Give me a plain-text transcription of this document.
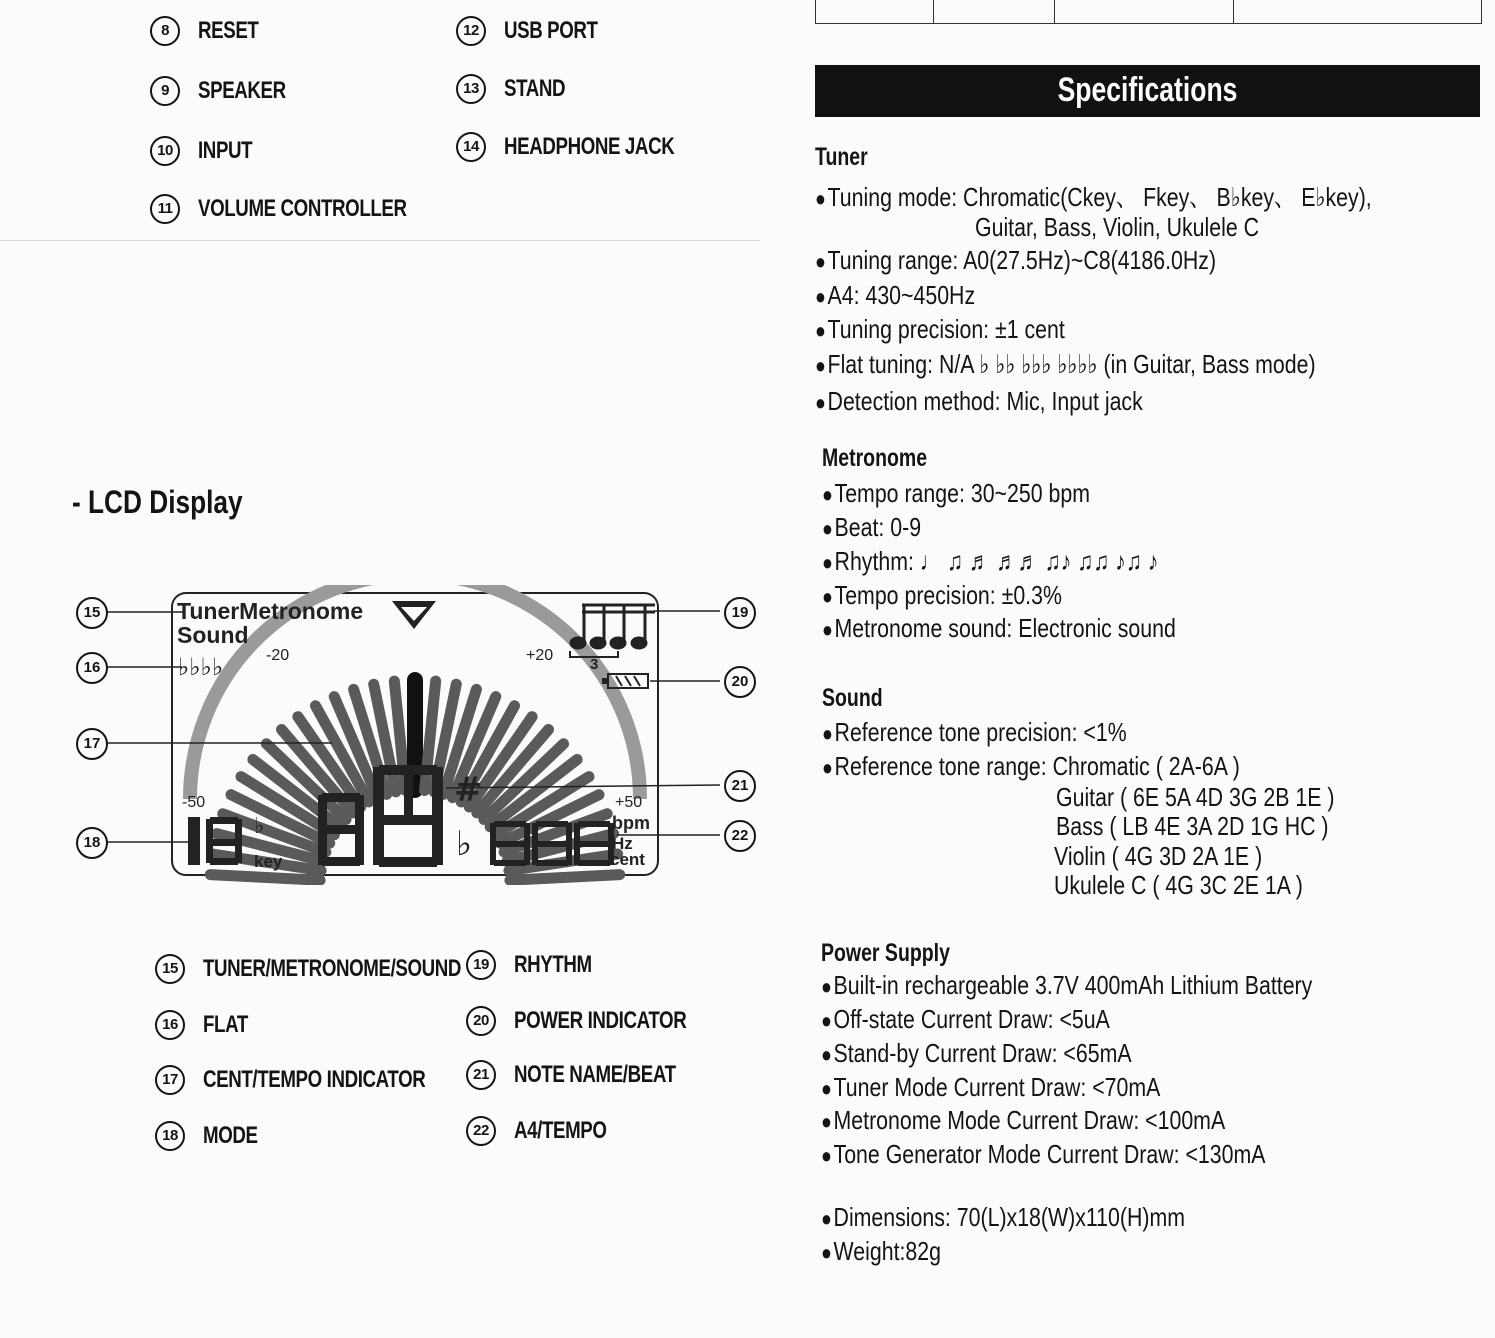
8	RESET
9	SPEAKER
10 INPUT
11	VOLUME CONTROLLER
12 USB PORT
13 STAND
14 HEADPHONE JACK
- LCD Display
TunerMetronome
Sound
♭♭♭♭	-20	+20
-50	+50
3
#
♭
♭
key
bpm
Hz
cent
15
16
17
18
19
20
21
22
15 TUNER/METRONOME/SOUND
16 FLAT
17 CENT/TEMPO INDICATOR
18 MODE
19 RHYTHM
20 POWER INDICATOR
21 NOTE NAME/BEAT
22 A4/TEMPO
Specifications
Tuner
●Tuning mode: Chromatic(Ckey、 Fkey、 B♭key、 E♭key),
Guitar, Bass, Violin, Ukulele C
●Tuning range: A0(27.5Hz)~C8(4186.0Hz)
●A4: 430~450Hz
●Tuning precision: ±1 cent
●Flat tuning: N/A ♭ ♭♭ ♭♭♭ ♭♭♭♭ (in Guitar, Bass mode)
●Detection method: Mic, Input jack
Metronome
●Tempo range: 30~250 bpm
●Beat: 0-9
●Rhythm: ♩ ♫ ♬ ♬♬ ♫♪ ♫♫ ♪♫ ♪
●Tempo precision: ±0.3%
●Metronome sound: Electronic sound
Sound
●Reference tone precision: <1%
●Reference tone range: Chromatic ( 2A-6A )
Guitar ( 6E 5A 4D 3G 2B 1E )
Bass ( LB 4E 3A 2D 1G HC )
Violin ( 4G 3D 2A 1E )
Ukulele C ( 4G 3C 2E 1A )
Power Supply
●Built-in rechargeable 3.7V 400mAh Lithium Battery
●Off-state Current Draw: <5uA
●Stand-by Current Draw: <65mA
●Tuner Mode Current Draw: <70mA
●Metronome Mode Current Draw: <100mA
●Tone Generator Mode Current Draw: <130mA
●Dimensions: 70(L)x18(W)x110(H)mm
●Weight:82g
